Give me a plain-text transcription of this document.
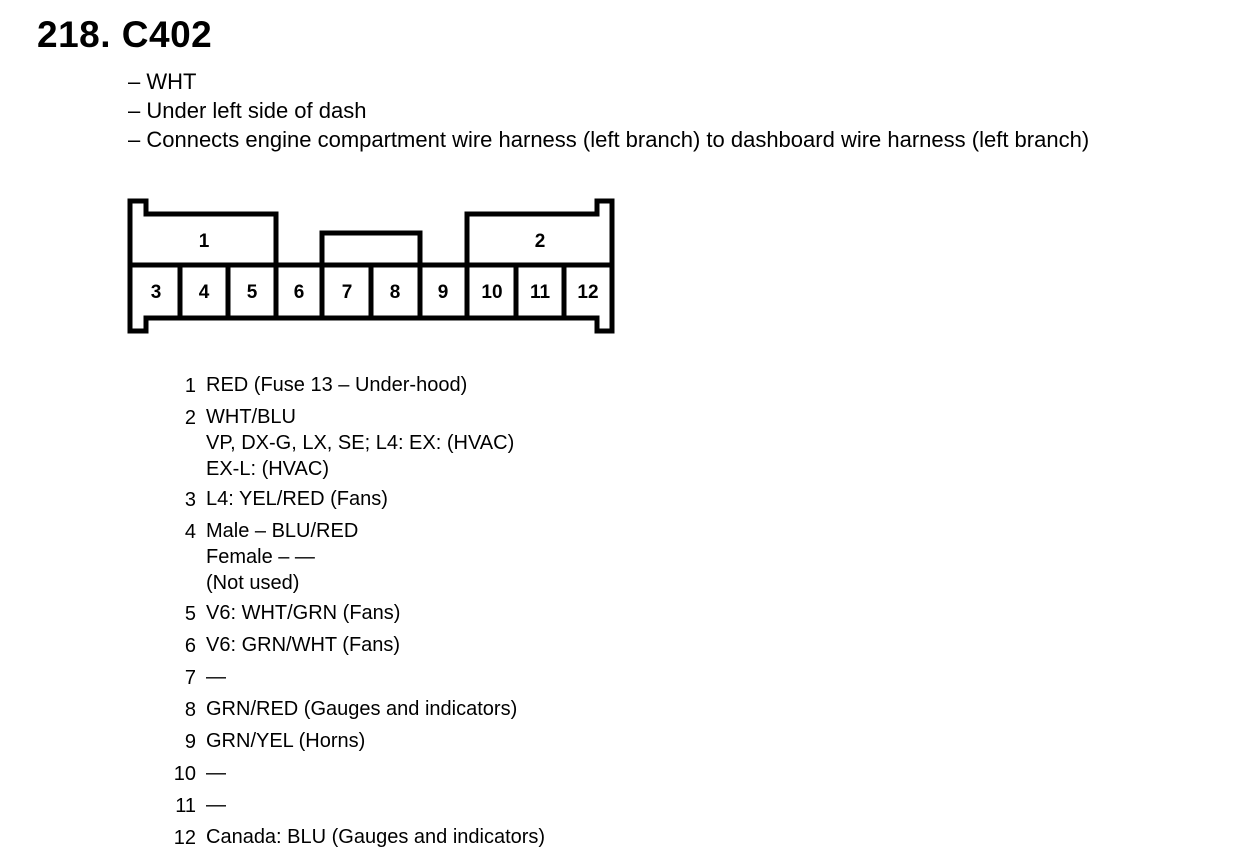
218. C402
– WHT
– Under left side of dash
– Connects engine compartment wire harness (left branch) to dashboard wire harness (left branch)
1	2
3 4 5 6 7 8 9 10 11 12
1 RED (Fuse 13 – Under-hood)
2 WHT/BLU
VP, DX-G, LX, SE; L4: EX: (HVAC)
EX-L: (HVAC)
3 L4: YEL/RED (Fans)
4 Male – BLU/RED
Female – —
(Not used)
5 V6: WHT/GRN (Fans)
6 V6: GRN/WHT (Fans)
7 —
8 GRN/RED (Gauges and indicators)
9 GRN/YEL (Horns)
10 —
11 —
12 Canada: BLU (Gauges and indicators)
